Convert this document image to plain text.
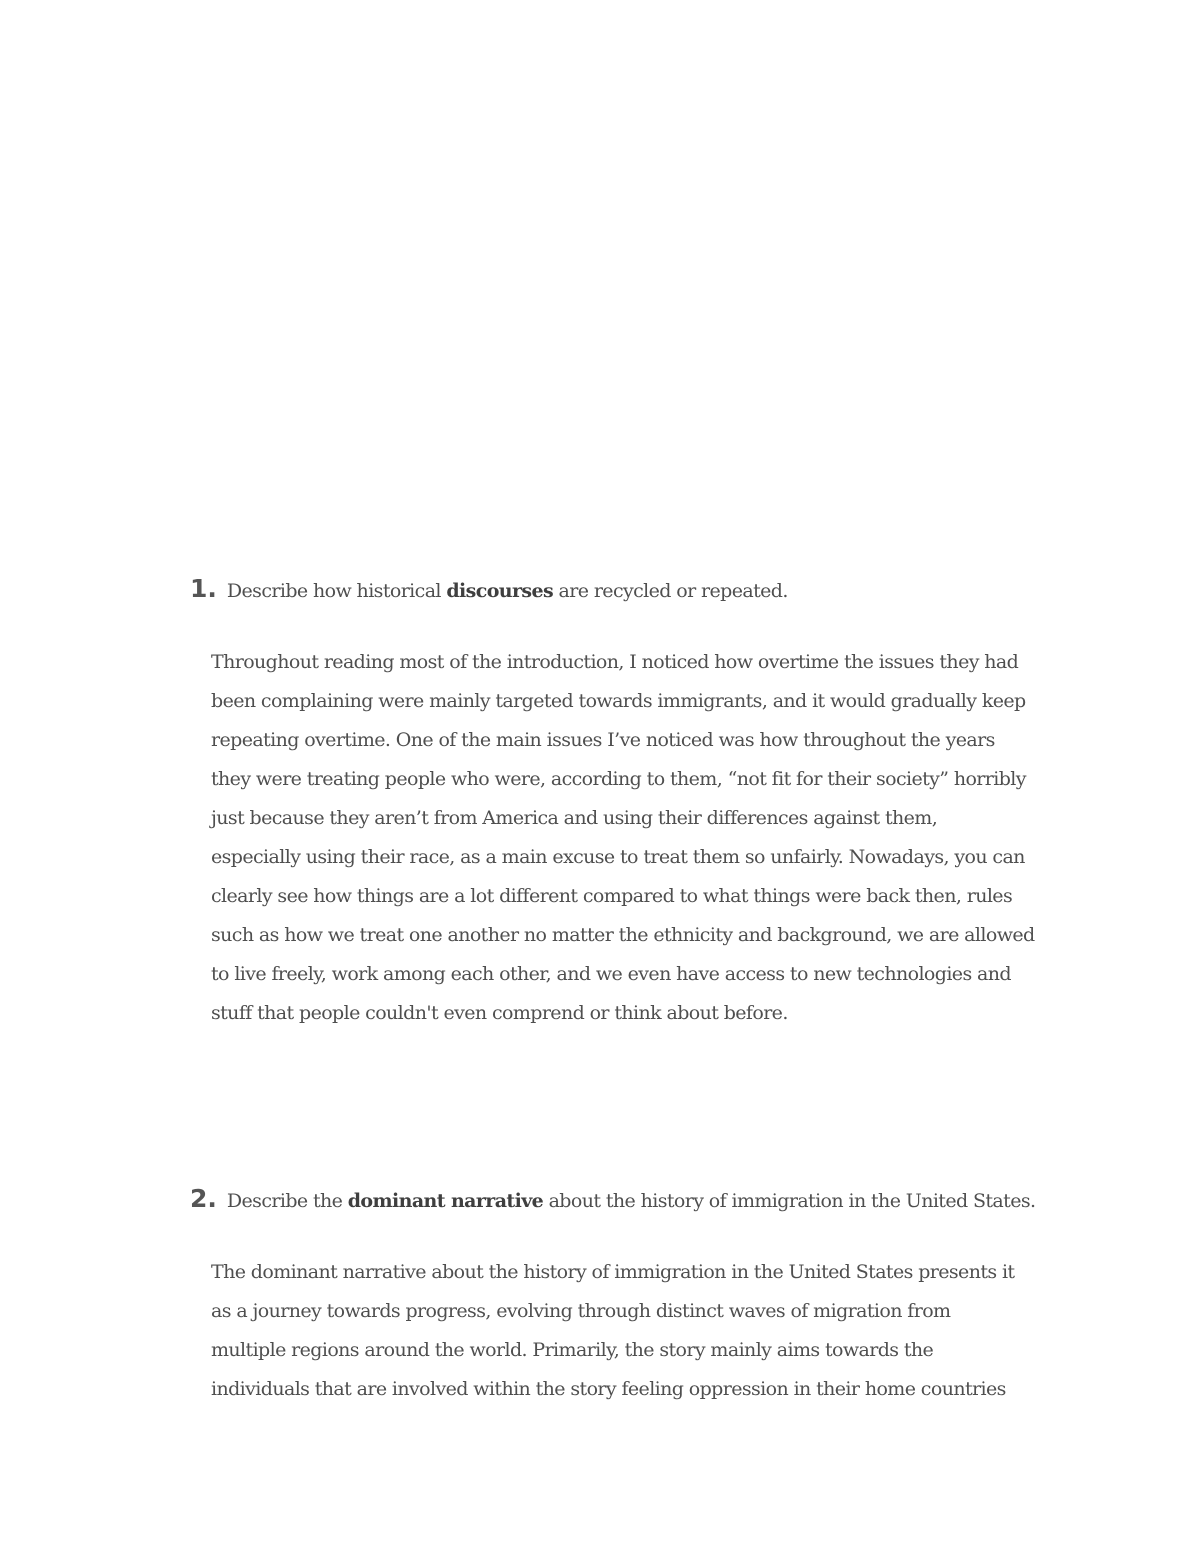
1. Describe how historical discourses are recycled or repeated.
Throughout reading most of the introduction, I noticed how overtime the issues they had
been complaining were mainly targeted towards immigrants, and it would gradually keep
repeating overtime. One of the main issues I’ve noticed was how throughout the years
they were treating people who were, according to them, “not fit for their society” horribly
just because they aren’t from America and using their differences against them,
especially using their race, as a main excuse to treat them so unfairly. Nowadays, you can
clearly see how things are a lot different compared to what things were back then, rules
such as how we treat one another no matter the ethnicity and background, we are allowed
to live freely, work among each other, and we even have access to new technologies and
stuff that people couldn't even comprend or think about before.
2. Describe the dominant narrative about the history of immigration in the United States.
The dominant narrative about the history of immigration in the United States presents it
as a journey towards progress, evolving through distinct waves of migration from
multiple regions around the world. Primarily, the story mainly aims towards the
individuals that are involved within the story feeling oppression in their home countries
